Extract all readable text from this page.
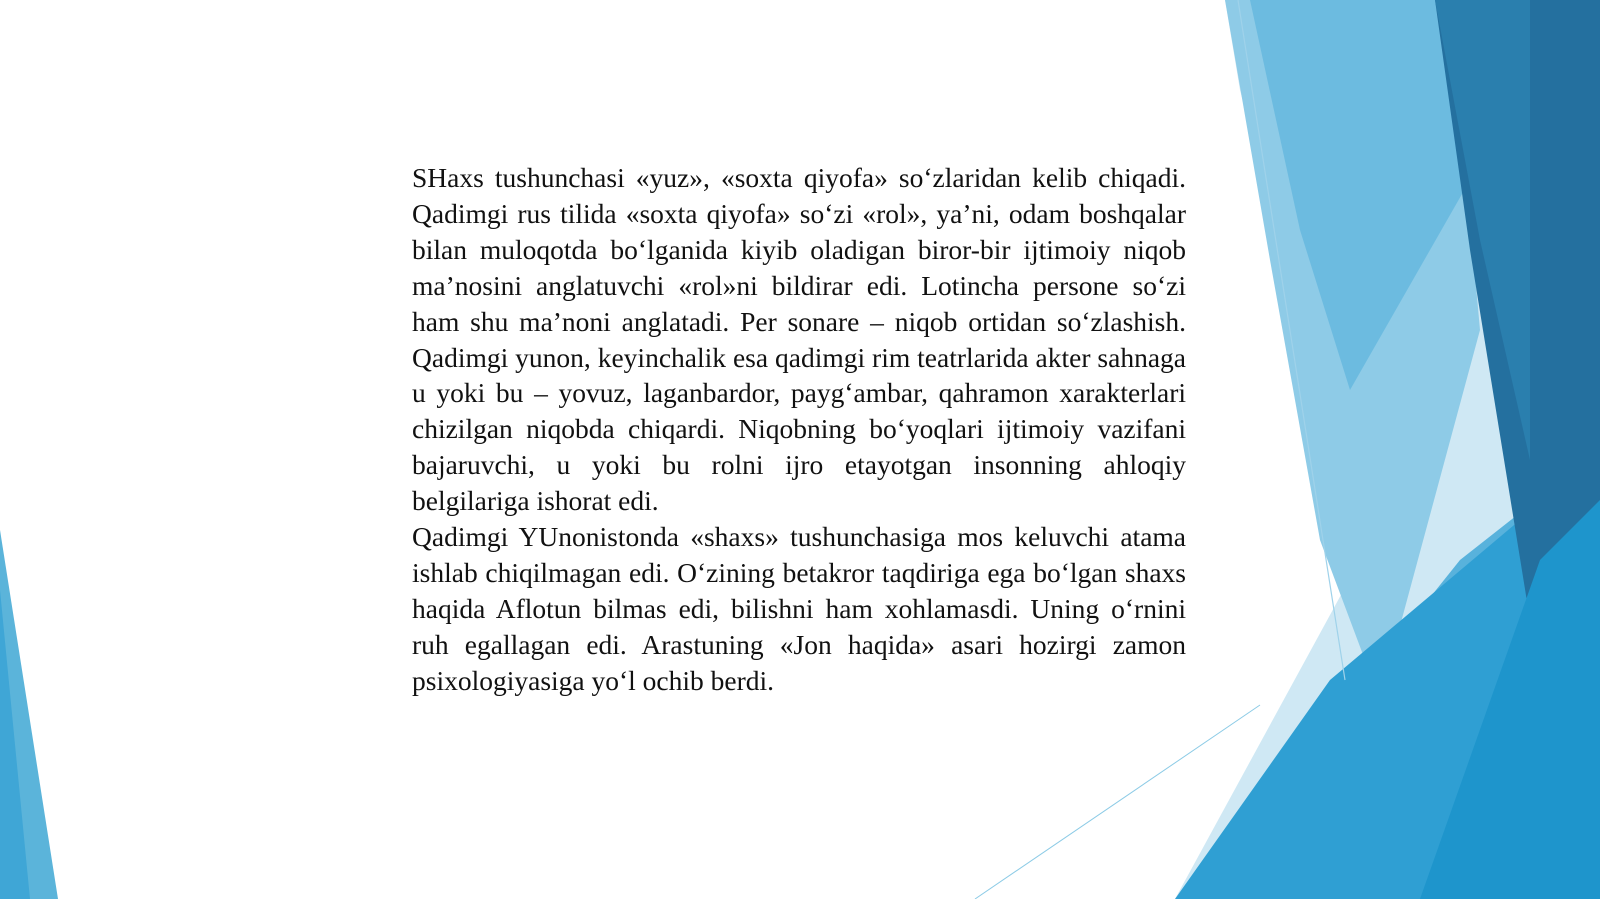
SHaxs tushunchasi «yuz», «soxta qiyofa» so‘zlaridan kelib chiqadi. Qadimgi rus tilida «soxta qiyofa» so‘zi «rol», ya’ni, odam boshqalar bilan muloqotda bo‘lganida kiyib oladigan biror-bir ijtimoiy niqob ma’nosini anglatuvchi «rol»ni bildirar edi. Lotincha persone so‘zi ham shu ma’noni anglatadi. Per sonare – niqob ortidan so‘zlashish. Qadimgi yunon, keyinchalik esa qadimgi rim teatrlarida akter sahnaga u yoki bu – yovuz, laganbardor, payg‘ambar, qahramon xarakterlari chizilgan niqobda chiqardi. Niqobning bo‘yoqlari ijtimoiy vazifani bajaruvchi, u yoki bu rolni ijro etayotgan insonning ahloqiy belgilariga ishorat edi.

Qadimgi YUnonistonda «shaxs» tushunchasiga mos keluvchi atama ishlab chiqilmagan edi. O‘zining betakror taqdiriga ega bo‘lgan shaxs haqida Aflotun bilmas edi, bilishni ham xohlamasdi. Uning o‘rnini ruh egallagan edi. Arastuning «Jon haqida» asari hozirgi zamon psixologiyasiga yo‘l ochib berdi.
